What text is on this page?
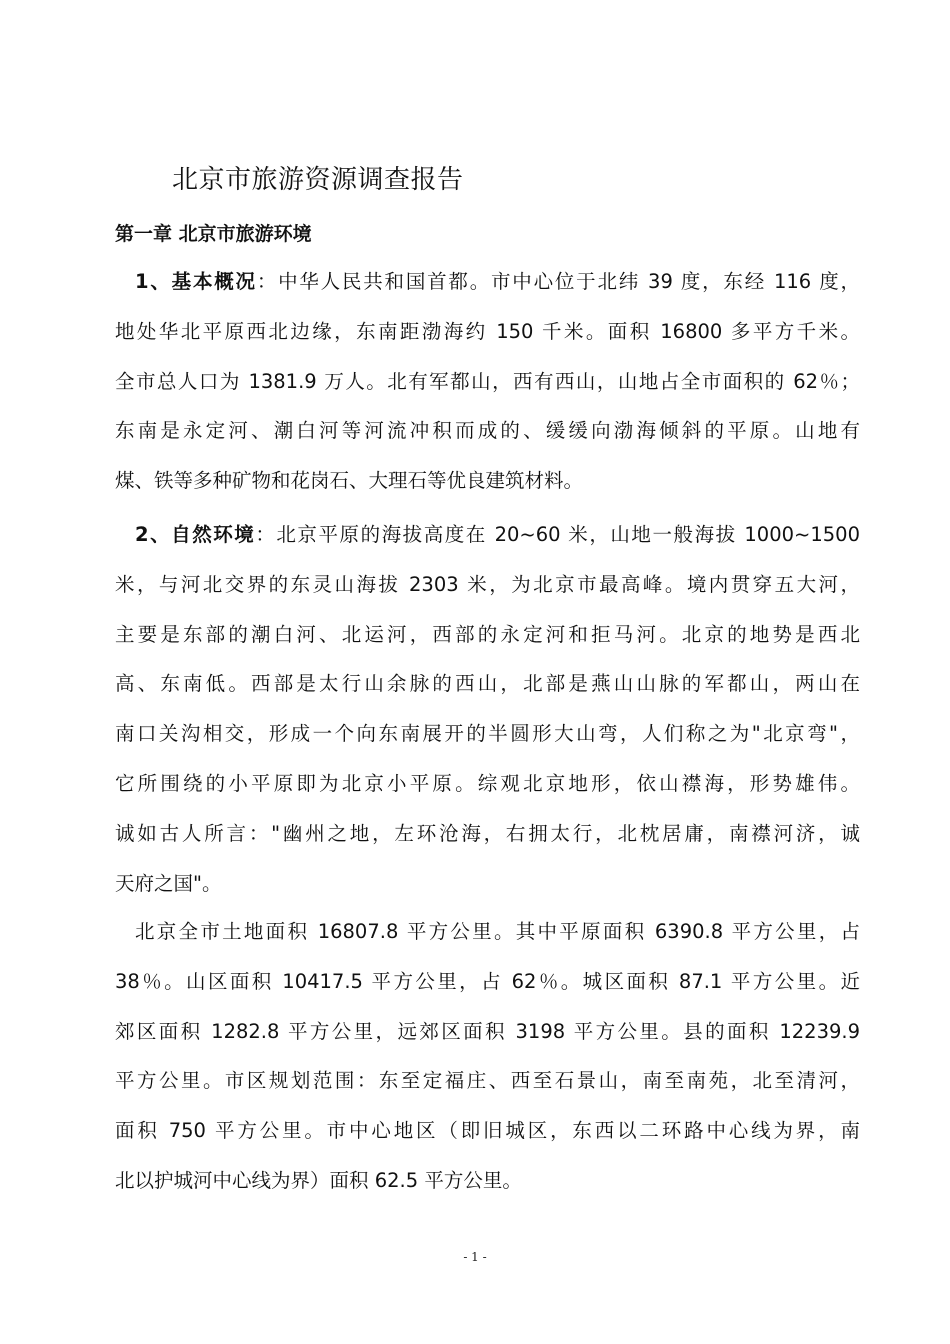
北京市旅游资源调查报告
第一章 北京市旅游环境
1、基本概况：中华人民共和国首都。市中心位于北纬 39 度，东经 116 度，
地处华北平原西北边缘，东南距渤海约 150 千米。面积 16800 多平方千米。
全市总人口为 1381.9 万人。北有军都山，西有西山，山地占全市面积的 62％；
东南是永定河、潮白河等河流冲积而成的、缓缓向渤海倾斜的平原。山地有
煤、铁等多种矿物和花岗石、大理石等优良建筑材料。
2、自然环境：北京平原的海拔高度在 20~60 米，山地一般海拔 1000~1500
米，与河北交界的东灵山海拔 2303 米，为北京市最高峰。境内贯穿五大河，
主要是东部的潮白河、北运河，西部的永定河和拒马河。北京的地势是西北
高、东南低。西部是太行山余脉的西山，北部是燕山山脉的军都山，两山在
南口关沟相交，形成一个向东南展开的半圆形大山弯，人们称之为"北京弯"，
它所围绕的小平原即为北京小平原。综观北京地形，依山襟海，形势雄伟。
诚如古人所言："幽州之地，左环沧海，右拥太行，北枕居庸，南襟河济，诚
天府之国"。
北京全市土地面积 16807.8 平方公里。其中平原面积 6390.8 平方公里，占
38％。山区面积 10417.5 平方公里，占 62％。城区面积 87.1 平方公里。近
郊区面积 1282.8 平方公里，远郊区面积 3198 平方公里。县的面积 12239.9
平方公里。市区规划范围：东至定福庄、西至石景山，南至南苑，北至清河，
面积 750 平方公里。市中心地区（即旧城区，东西以二环路中心线为界，南
北以护城河中心线为界）面积 62.5 平方公里。
- 1 -
